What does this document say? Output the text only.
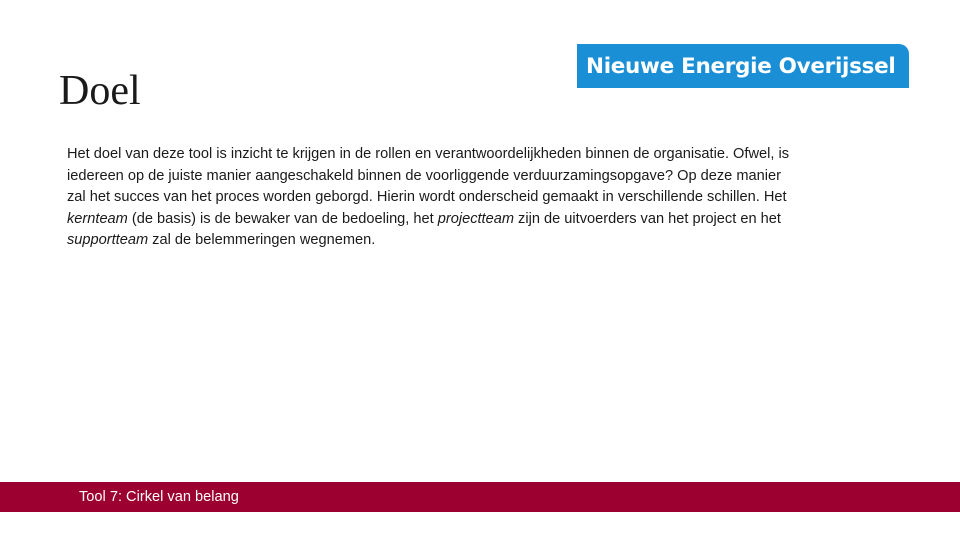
Doel
Nieuwe Energie Overijssel

Het doel van deze tool is inzicht te krijgen in de rollen en verantwoordelijkheden binnen de organisatie. Ofwel, is iedereen op de juiste manier aangeschakeld binnen de voorliggende verduurzamingsopgave? Op deze manier zal het succes van het proces worden geborgd. Hierin wordt onderscheid gemaakt in verschillende schillen. Het kernteam (de basis) is de bewaker van de bedoeling, het projectteam zijn de uitvoerders van het project en het supportteam zal de belemmeringen wegnemen.

Tool 7: Cirkel van belang
